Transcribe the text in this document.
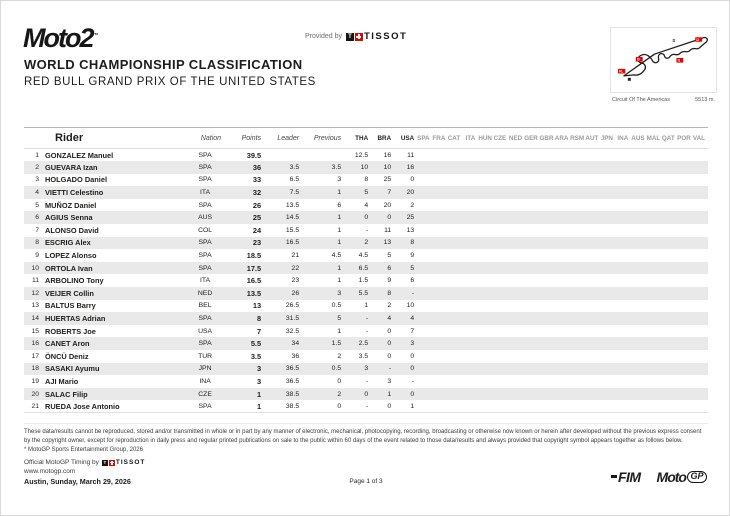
Moto2™	Provided by T TISSOT
WORLD CHAMPIONSHIP CLASSIFICATION
RED BULL GRAND PRIX OF THE UNITED STATES
I2
I1
I3
FL
S
Circuit Of The Americas	5513 m.
	Rider	Nation	Points	Leader	Previous	THA	BRA	USA	SPA	FRA	CAT	ITA	HUN	CZE	NED	GER	GBR	ARA	RSM	AUT	JPN	INA	AUS	MAL	QAT	POR	VAL
1	GONZALEZ Manuel	SPA	39.5			12.5	16	11																			
2	GUEVARA Izan	SPA	36	3.5	3.5	10	10	16																			
3	HOLGADO Daniel	SPA	33	6.5	3	8	25	0																			
4	VIETTI Celestino	ITA	32	7.5	1	5	7	20																			
5	MUÑOZ Daniel	SPA	26	13.5	6	4	20	2																			
6	AGIUS Senna	AUS	25	14.5	1	0	0	25																			
7	ALONSO David	COL	24	15.5	1	-	11	13																			
8	ESCRIG Alex	SPA	23	16.5	1	2	13	8																			
9	LOPEZ Alonso	SPA	18.5	21	4.5	4.5	5	9																			
10	ORTOLA Ivan	SPA	17.5	22	1	6.5	6	5																			
11	ARBOLINO Tony	ITA	16.5	23	1	1.5	9	6																			
12	VEIJER Collin	NED	13.5	26	3	5.5	8	-																			
13	BALTUS Barry	BEL	13	26.5	0.5	1	2	10																			
14	HUERTAS Adrian	SPA	8	31.5	5	-	4	4																			
15	ROBERTS Joe	USA	7	32.5	1	-	0	7																			
16	CANET Aron	SPA	5.5	34	1.5	2.5	0	3																			
17	ÖNCÜ Deniz	TUR	3.5	36	2	3.5	0	0																			
18	SASAKI Ayumu	JPN	3	36.5	0.5	3	-	0																			
19	AJI Mario	INA	3	36.5	0	-	3	-																			
20	SALAC Filip	CZE	1	38.5	2	0	1	0																			
21	RUEDA Jose Antonio	SPA	1	38.5	0	-	0	1																			
These data/results cannot be reproduced, stored and/or transmitted in whole or in part by any manner of electronic, mechanical, photocopying, recording, broadcasting or otherwise now known or herein after developed without the previous express consent by the copyright owner, except for reproduction in daily press and regular printed publications on sale to the public within 60 days of the event related to those data/results and always provided that copyright symbol appears together as follows below.
* MotoGP Sports Entertainment Group, 2026
Official MotoGP Timing by T	TISSOT
www.motogp.com
Austin, Sunday, March 29, 2026	Page 1 of 3	FIM Moto GP
